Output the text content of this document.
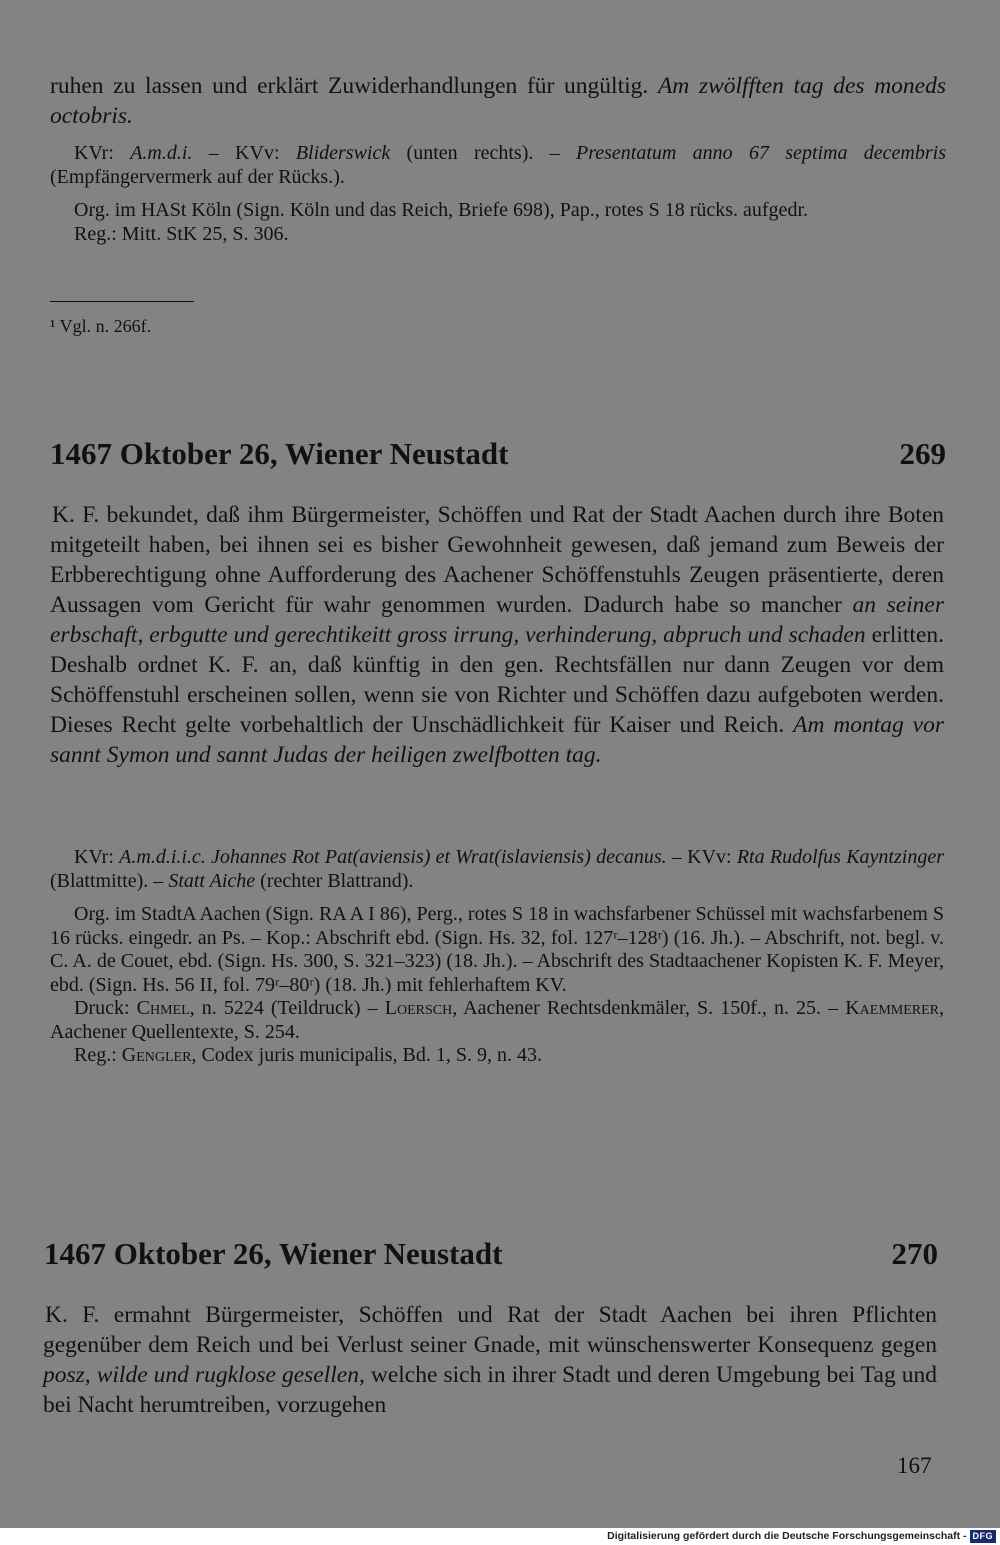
ruhen zu lassen und erklärt Zuwiderhandlungen für ungültig. Am zwölfften tag des moneds octobris.

KVr: A.m.d.i. – KVv: Bliderswick (unten rechts). – Presentatum anno 67 septima decembris (Empfängervermerk auf der Rücks.).

Org. im HASt Köln (Sign. Köln und das Reich, Briefe 698), Pap., rotes S 18 rücks. aufgedr.

Reg.: Mitt. StK 25, S. 306.

¹ Vgl. n. 266f.
1467 Oktober 26, Wiener Neustadt	269

K. F. bekundet, daß ihm Bürgermeister, Schöffen und Rat der Stadt Aachen durch ihre Boten mitgeteilt haben, bei ihnen sei es bisher Gewohnheit gewesen, daß jemand zum Beweis der Erbberechtigung ohne Aufforderung des Aachener Schöffenstuhls Zeugen präsentierte, deren Aussagen vom Gericht für wahr genommen wurden. Dadurch habe so mancher an seiner erbschaft, erbgutte und gerechtikeitt gross irrung, verhinderung, abpruch und schaden erlitten. Deshalb ordnet K. F. an, daß künftig in den gen. Rechtsfällen nur dann Zeugen vor dem Schöffenstuhl erscheinen sollen, wenn sie von Richter und Schöffen dazu aufgeboten werden. Dieses Recht gelte vorbehaltlich der Unschädlichkeit für Kaiser und Reich. Am montag vor sannt Symon und sannt Judas der heiligen zwelfbotten tag.

KVr: A.m.d.i.i.c. Johannes Rot Pat(aviensis) et Wrat(islaviensis) decanus. – KVv: Rta Rudolfus Kayntzinger (Blattmitte). – Statt Aiche (rechter Blattrand).

Org. im StadtA Aachen (Sign. RA A I 86), Perg., rotes S 18 in wachsfarbener Schüssel mit wachsfarbenem S 16 rücks. eingedr. an Ps. – Kop.: Abschrift ebd. (Sign. Hs. 32, fol. 127ʳ–128ʳ) (16. Jh.). – Abschrift, not. begl. v. C. A. de Couet, ebd. (Sign. Hs. 300, S. 321–323) (18. Jh.). – Abschrift des Stadtaachener Kopisten K. F. Meyer, ebd. (Sign. Hs. 56 II, fol. 79ʳ–80ʳ) (18. Jh.) mit fehlerhaftem KV.

Druck: Chmel, n. 5224 (Teildruck) – Loersch, Aachener Rechtsdenkmäler, S. 150f., n. 25. – Kaemmerer, Aachener Quellentexte, S. 254.

Reg.: Gengler, Codex juris municipalis, Bd. 1, S. 9, n. 43.

1467 Oktober 26, Wiener Neustadt	270

K. F. ermahnt Bürgermeister, Schöffen und Rat der Stadt Aachen bei ihren Pflichten gegenüber dem Reich und bei Verlust seiner Gnade, mit wünschenswerter Konsequenz gegen posz, wilde und rugklose gesellen, welche sich in ihrer Stadt und deren Umgebung bei Tag und bei Nacht herumtreiben, vorzugehen

167
Digitalisierung gefördert durch die Deutsche Forschungsgemeinschaft - DFG
